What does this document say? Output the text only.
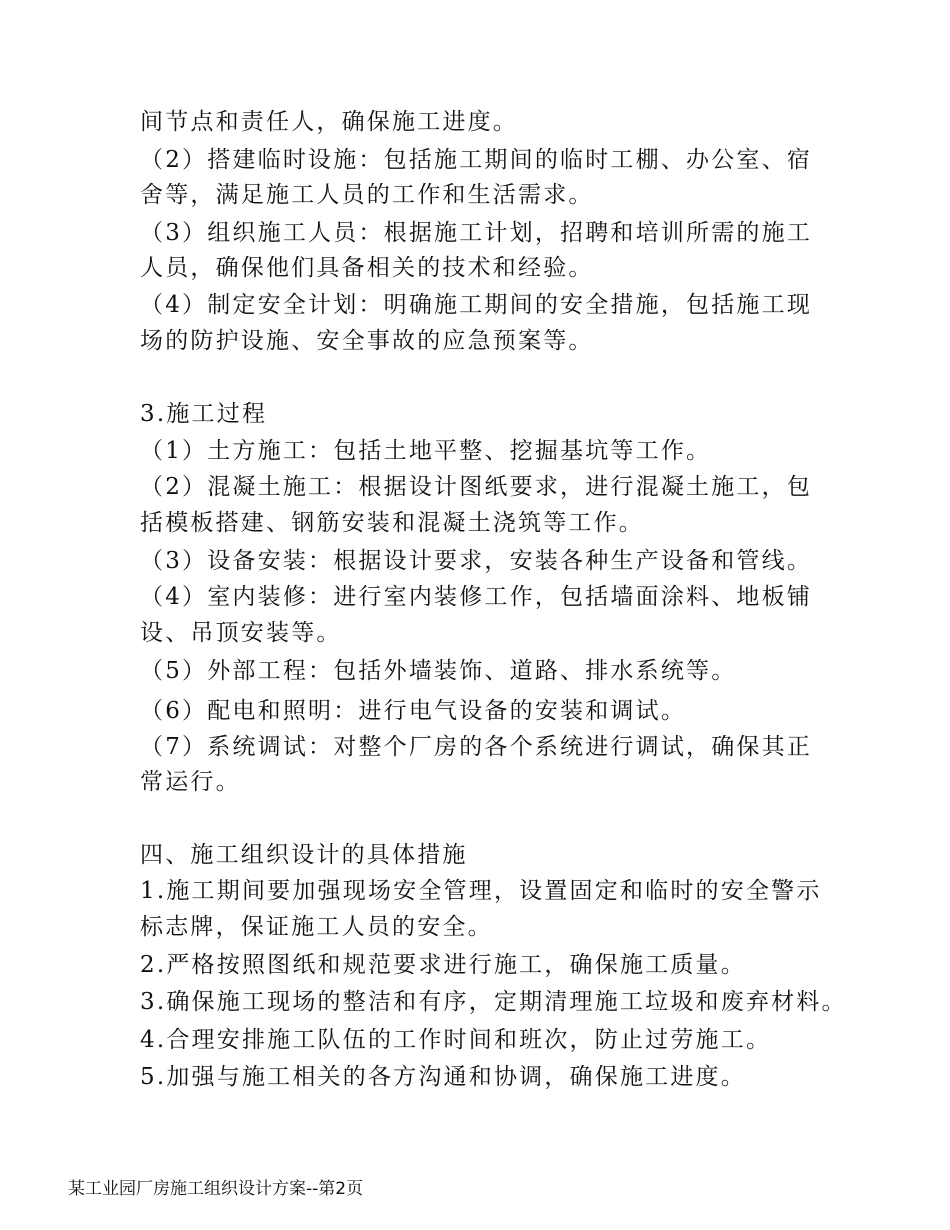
间节点和责任人，确保施工进度。
（2）搭建临时设施：包括施工期间的临时工棚、办公室、宿
舍等，满足施工人员的工作和生活需求。
（3）组织施工人员：根据施工计划，招聘和培训所需的施工
人员，确保他们具备相关的技术和经验。
（4）制定安全计划：明确施工期间的安全措施，包括施工现
场的防护设施、安全事故的应急预案等。
3.施工过程
（1）土方施工：包括土地平整、挖掘基坑等工作。
（2）混凝土施工：根据设计图纸要求，进行混凝土施工，包
括模板搭建、钢筋安装和混凝土浇筑等工作。
（3）设备安装：根据设计要求，安装各种生产设备和管线。
（4）室内装修：进行室内装修工作，包括墙面涂料、地板铺
设、吊顶安装等。
（5）外部工程：包括外墙装饰、道路、排水系统等。
（6）配电和照明：进行电气设备的安装和调试。
（7）系统调试：对整个厂房的各个系统进行调试，确保其正
常运行。
四、施工组织设计的具体措施
1.施工期间要加强现场安全管理，设置固定和临时的安全警示
标志牌，保证施工人员的安全。
2.严格按照图纸和规范要求进行施工，确保施工质量。
3.确保施工现场的整洁和有序，定期清理施工垃圾和废弃材料。
4.合理安排施工队伍的工作时间和班次，防止过劳施工。
5.加强与施工相关的各方沟通和协调，确保施工进度。
某工业园厂房施工组织设计方案--第2页
